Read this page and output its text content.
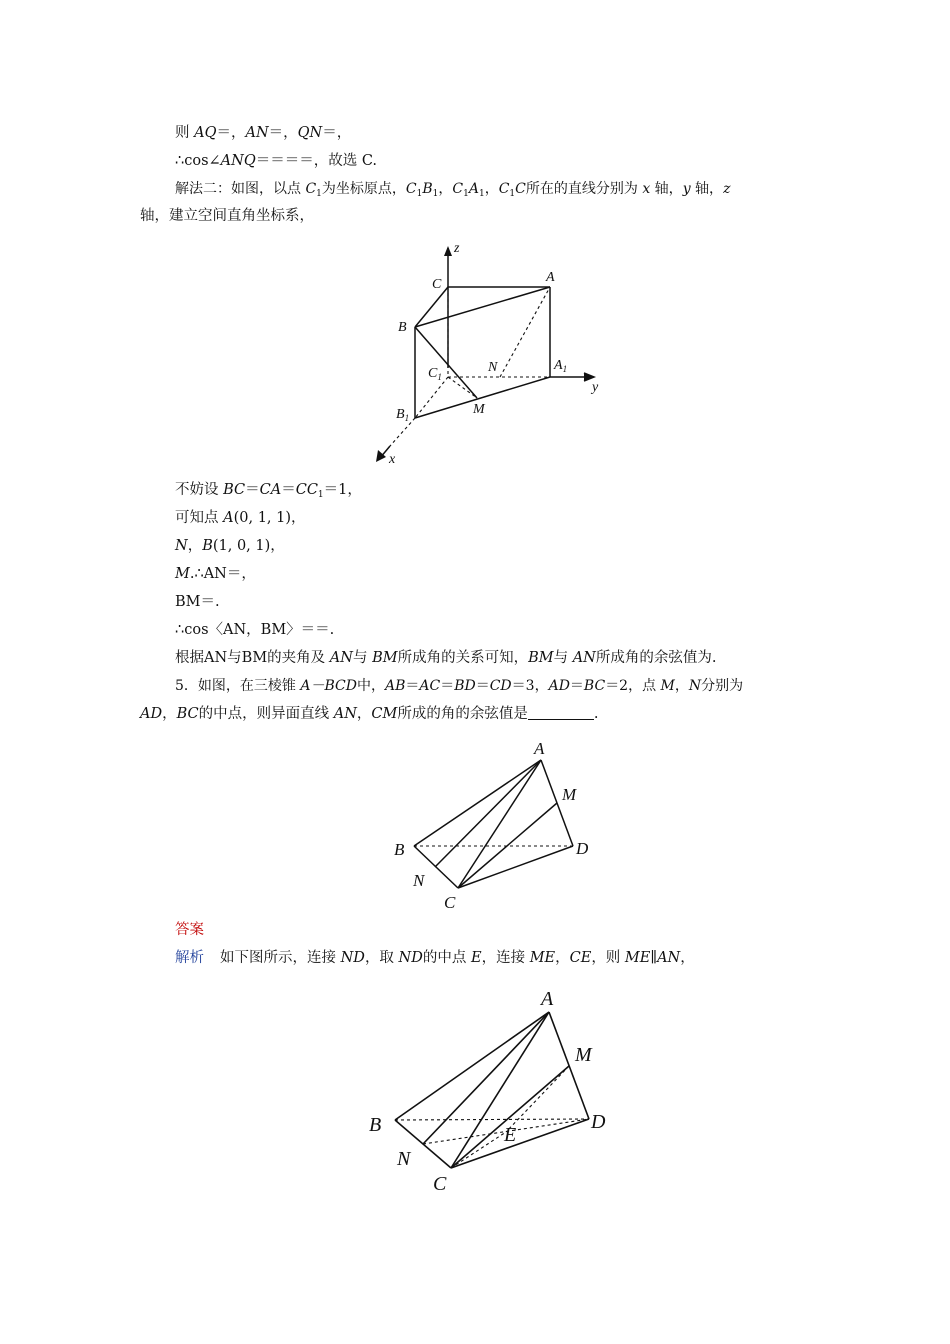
则 AQ＝，AN＝，QN＝，
∴cos∠ANQ＝＝＝＝，故选 C.
解法二：如图，以点 $C_1$为坐标原点，$C_1B_1$，$C_1A_1$，$C_1C$所在的直线分别为 x 轴，y 轴，z
轴，建立空间直角坐标系，
z
C	A
B
N
$C_1$
$A_1$
y
$B_1$
M
x
不妨设 $BC=CA=CC_1=1$，
可知点 A(0, 1, 1)，
N，B(1, 0, 1)，
M.∴AN＝，
BM＝.
∴cos〈AN，BM〉＝＝.
根据AN与BM的夹角及 AN与 BM所成角的关系可知，BM与 AN所成角的余弦值为.
5．如图，在三棱锥 A－BCD中，AB＝AC＝BD＝CD＝3，AD＝BC＝2，点 M，N分别为
AD，BC的中点，则异面直线 AN，CM所成的角的余弦值是	.
A
M
B	D
N
C
答案
解析 如下图所示，连接 ND，取 ND的中点 E，连接 ME，CE，则 ME∥AN，
A
M
B	D
E
N
C
